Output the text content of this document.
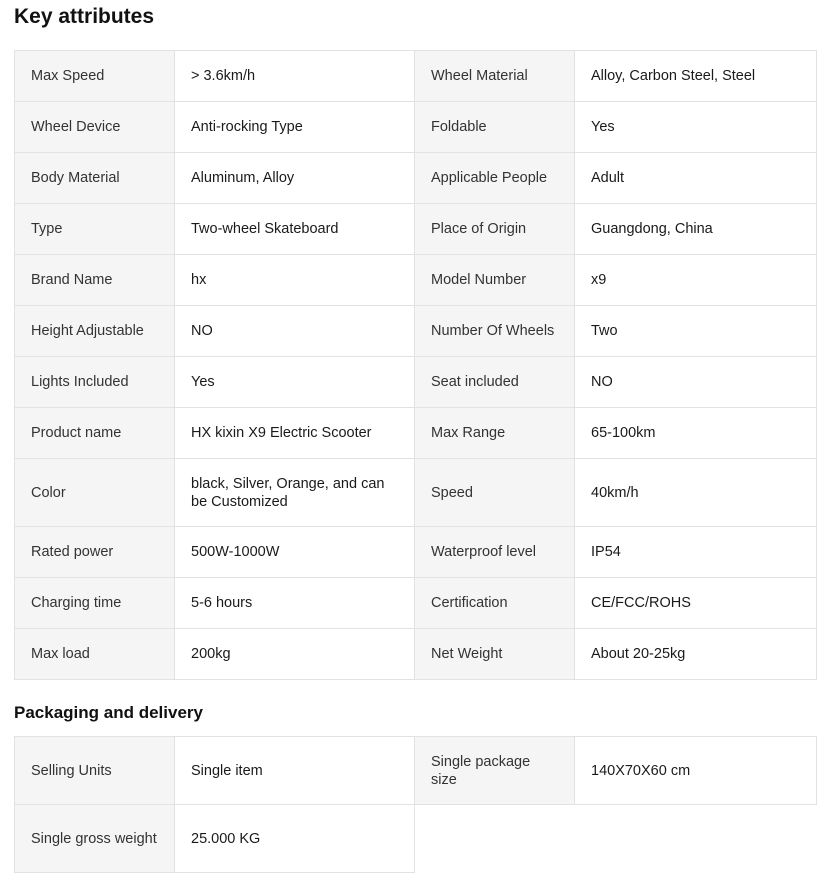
Key attributes
Max Speed	> 3.6km/h	Wheel Material	Alloy, Carbon Steel, Steel
Wheel Device	Anti-rocking Type	Foldable	Yes
Body Material	Aluminum, Alloy	Applicable People	Adult
Type	Two-wheel Skateboard	Place of Origin	Guangdong, China
Brand Name	hx	Model Number	x9
Height Adjustable	NO	Number Of Wheels	Two
Lights Included	Yes	Seat included	NO
Product name	HX kixin X9 Electric Scooter	Max Range	65-100km
Color	black, Silver, Orange, and can be Customized	Speed	40km/h
Rated power	500W-1000W	Waterproof level	IP54
Charging time	5-6 hours	Certification	CE/FCC/ROHS
Max load	200kg	Net Weight	About 20-25kg
Packaging and delivery
Selling Units	Single item	Single package size	140X70X60 cm
Single gross weight	25.000 KG		
